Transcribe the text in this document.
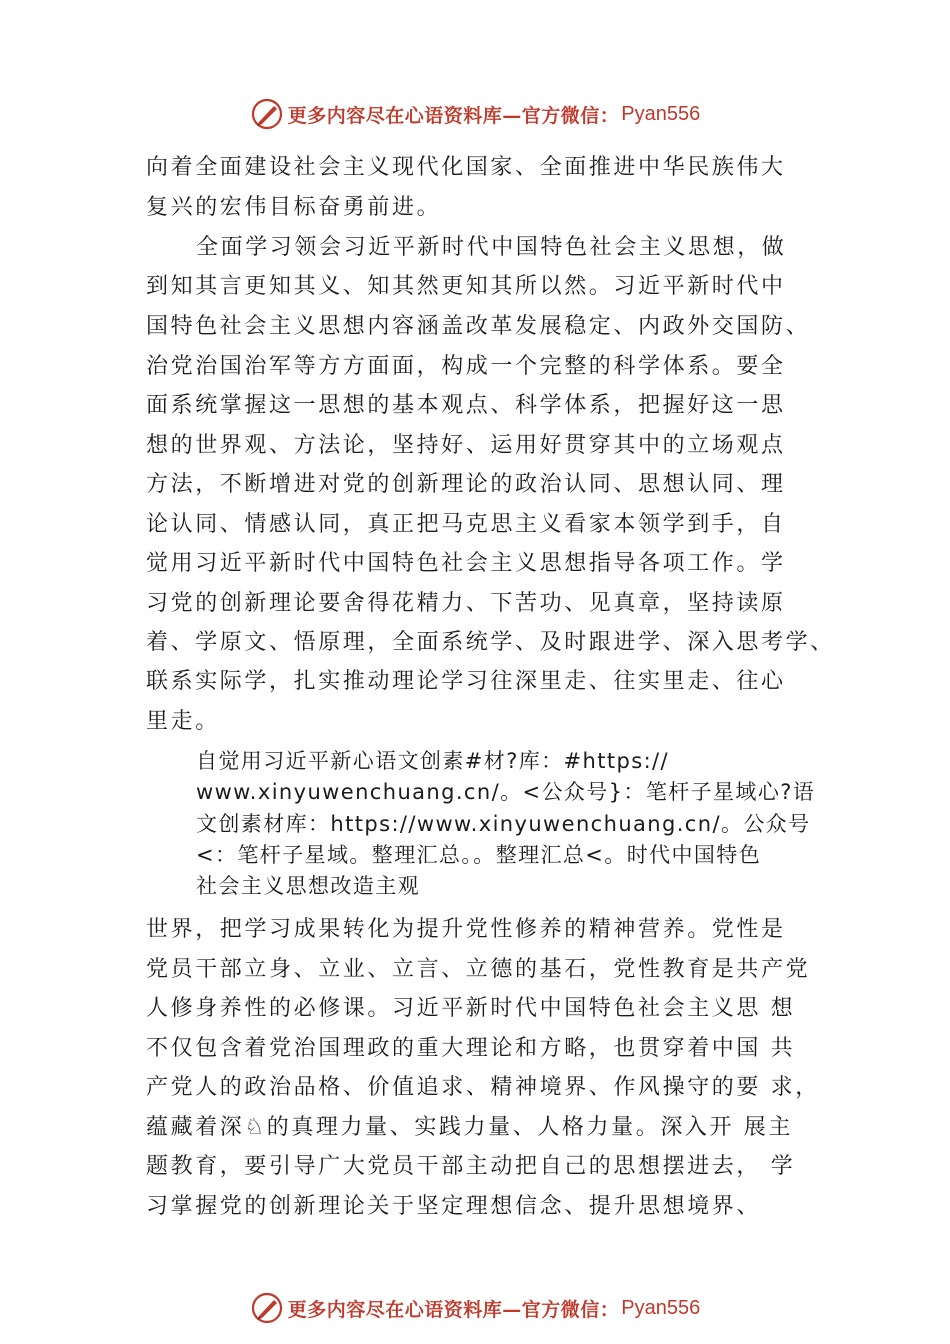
更多内容尽在心语资料库—官方微信： Pyan556
向着全面建设社会主义现代化国家、全面推进中华民族伟大
复兴的宏伟目标奋勇前进。
全面学习领会习近平新时代中国特色社会主义思想，做
到知其言更知其义、知其然更知其所以然。习近平新时代中
国特色社会主义思想内容涵盖改革发展稳定、内政外交国防、
治党治国治军等方方面面，构成一个完整的科学体系。要全
面系统掌握这一思想的基本观点、科学体系，把握好这一思
想的世界观、方法论，坚持好、运用好贯穿其中的立场观点
方法，不断增进对党的创新理论的政治认同、思想认同、理
论认同、情感认同，真正把马克思主义看家本领学到手，自
觉用习近平新时代中国特色社会主义思想指导各项工作。学
习党的创新理论要舍得花精力、下苦功、见真章，坚持读原
着、学原文、悟原理，全面系统学、及时跟进学、深入思考学、
联系实际学，扎实推动理论学习往深里走、往实里走、往心
里走。
自觉用习近平新心语文创素#材?库：#https://
www.xinyuwenchuang.cn/。<公众号}：笔杆子星域心?语
文创素材库：https://www.xinyuwenchuang.cn/。公众号
<：笔杆子星域。整理汇总。。整理汇总<。时代中国特色
社会主义思想改造主观
世界，把学习成果转化为提升党性修养的精神营养。党性是
党员干部立身、立业、立言、立德的基石，党性教育是共产党
人修身养性的必修课。习近平新时代中国特色社会主义思 想
不仅包含着党治国理政的重大理论和方略，也贯穿着中国 共
产党人的政治品格、价值追求、精神境界、作风操守的要 求，
蕴藏着深♘的真理力量、实践力量、人格力量。深入开 展主
题教育，要引导广大党员干部主动把自己的思想摆进去， 学
习掌握党的创新理论关于坚定理想信念、提升思想境界、
更多内容尽在心语资料库—官方微信： Pyan556
